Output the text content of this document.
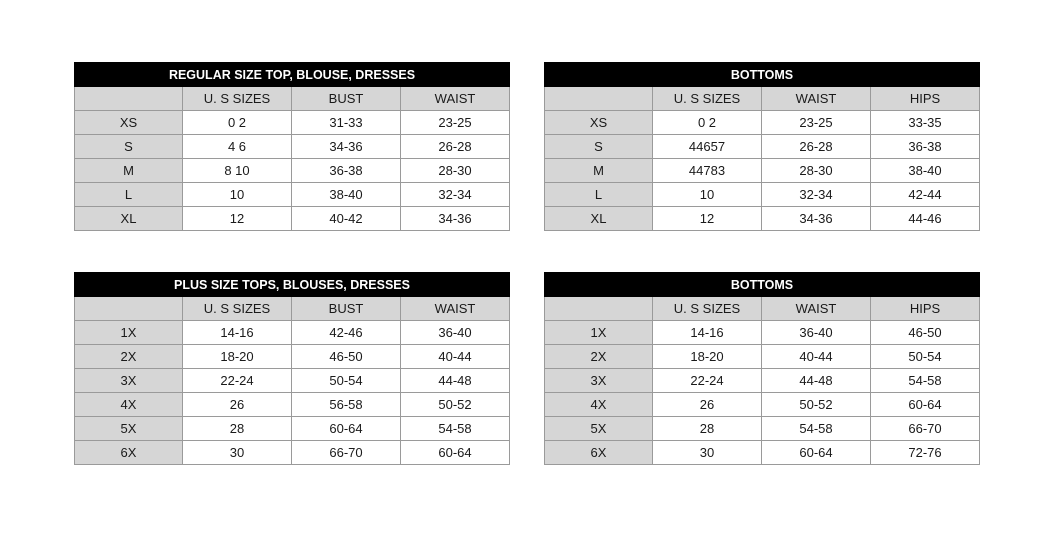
REGULAR SIZE TOP, BLOUSE, DRESSES			
	U. S SIZES	BUST	WAIST
XS	0 2	31-33	23-25
S	4 6	34-36	26-28
M	8 10	36-38	28-30
L	10	38-40	32-34
XL	12	40-42	34-36
BOTTOMS			
	U. S SIZES	WAIST	HIPS
XS	0 2	23-25	33-35
S	44657	26-28	36-38
M	44783	28-30	38-40
L	10	32-34	42-44
XL	12	34-36	44-46
PLUS SIZE TOPS, BLOUSES, DRESSES			
	U. S SIZES	BUST	WAIST
1X	14-16	42-46	36-40
2X	18-20	46-50	40-44
3X	22-24	50-54	44-48
4X	26	56-58	50-52
5X	28	60-64	54-58
6X	30	66-70	60-64
BOTTOMS			
	U. S SIZES	WAIST	HIPS
1X	14-16	36-40	46-50
2X	18-20	40-44	50-54
3X	22-24	44-48	54-58
4X	26	50-52	60-64
5X	28	54-58	66-70
6X	30	60-64	72-76
